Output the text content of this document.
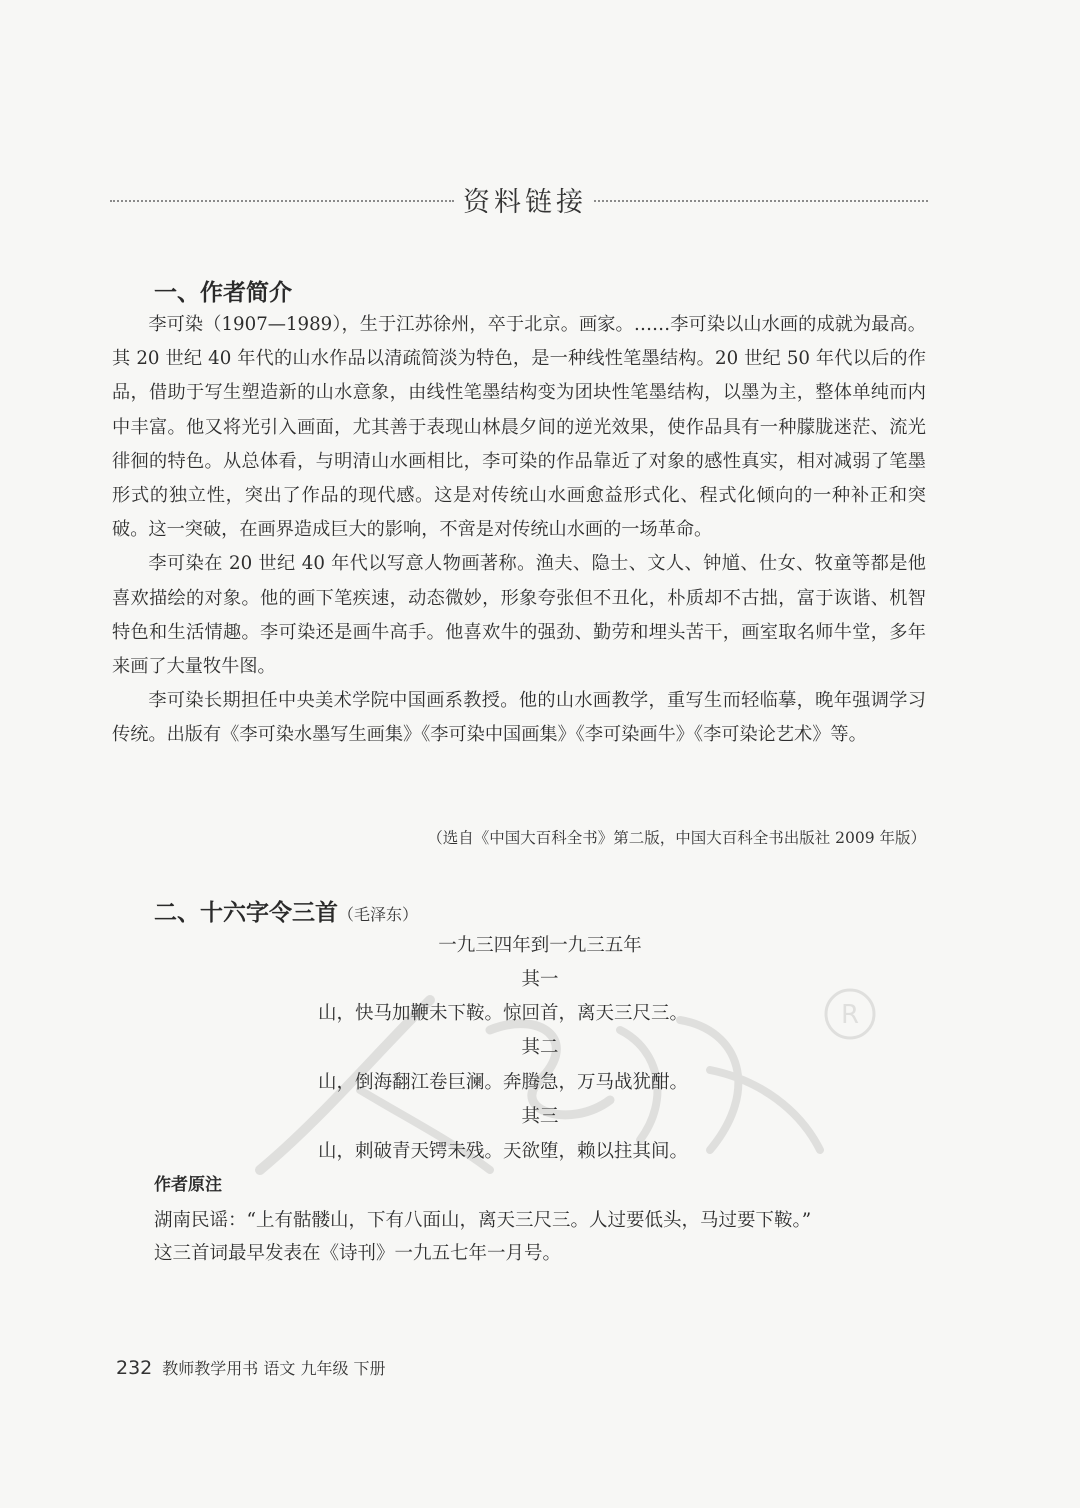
R
资料链接
一、作者简介

李可染（1907—1989），生于江苏徐州，卒于北京。画家。……李可染以山水画的成就为最高。其 20 世纪 40 年代的山水作品以清疏简淡为特色，是一种线性笔墨结构。20 世纪 50 年代以后的作品，借助于写生塑造新的山水意象，由线性笔墨结构变为团块性笔墨结构，以墨为主，整体单纯而内中丰富。他又将光引入画面，尤其善于表现山林晨夕间的逆光效果，使作品具有一种朦胧迷茫、流光徘徊的特色。从总体看，与明清山水画相比，李可染的作品靠近了对象的感性真实，相对减弱了笔墨形式的独立性，突出了作品的现代感。这是对传统山水画愈益形式化、程式化倾向的一种补正和突破。这一突破，在画界造成巨大的影响，不啻是对传统山水画的一场革命。

李可染在 20 世纪 40 年代以写意人物画著称。渔夫、隐士、文人、钟馗、仕女、牧童等都是他喜欢描绘的对象。他的画下笔疾速，动态微妙，形象夸张但不丑化，朴质却不古拙，富于诙谐、机智特色和生活情趣。李可染还是画牛高手。他喜欢牛的强劲、勤劳和埋头苦干，画室取名师牛堂，多年来画了大量牧牛图。

李可染长期担任中央美术学院中国画系教授。他的山水画教学，重写生而轻临摹，晚年强调学习传统。出版有《李可染水墨写生画集》《李可染中国画集》《李可染画牛》《李可染论艺术》等。

（选自《中国大百科全书》第二版，中国大百科全书出版社 2009 年版）
二、十六字令三首（毛泽东）
一九三四年到一九三五年
其一
山，快马加鞭未下鞍。惊回首，离天三尺三。
其二
山，倒海翻江卷巨澜。奔腾急，万马战犹酣。
其三
山，刺破青天锷未残。天欲堕，赖以拄其间。
作者原注
湖南民谣：“上有骷髅山，下有八面山，离天三尺三。人过要低头，马过要下鞍。”
这三首词最早发表在《诗刊》一九五七年一月号。
232 教师教学用书 语文 九年级 下册
